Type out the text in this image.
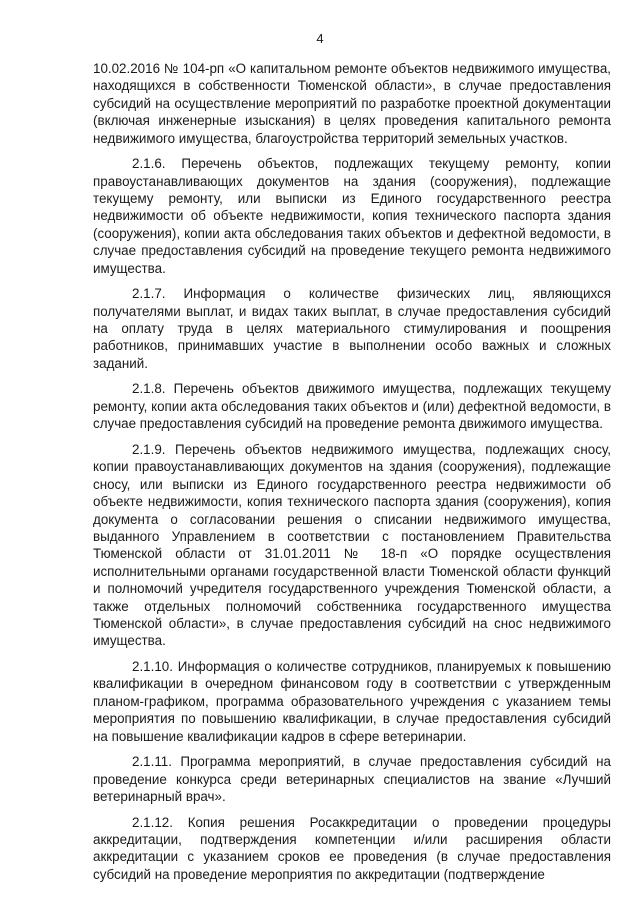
4

10.02.2016 № 104-рп «О капитальном ремонте объектов недвижимого имущества, находящихся в собственности Тюменской области», в случае предоставления субсидий на осуществление мероприятий по разработке проектной документации (включая инженерные изыскания) в целях проведения капитального ремонта недвижимого имущества, благоустройства территорий земельных участков.

2.1.6. Перечень объектов, подлежащих текущему ремонту, копии правоустанавливающих документов на здания (сооружения), подлежащие текущему ремонту, или выписки из Единого государственного реестра недвижимости об объекте недвижимости, копия технического паспорта здания (сооружения), копии акта обследования таких объектов и дефектной ведомости, в случае предоставления субсидий на проведение текущего ремонта недвижимого имущества.

2.1.7. Информация о количестве физических лиц, являющихся получателями выплат, и видах таких выплат, в случае предоставления субсидий на оплату труда в целях материального стимулирования и поощрения работников, принимавших участие в выполнении особо важных и сложных заданий.

2.1.8. Перечень объектов движимого имущества, подлежащих текущему ремонту, копии акта обследования таких объектов и (или) дефектной ведомости, в случае предоставления субсидий на проведение ремонта движимого имущества.

2.1.9. Перечень объектов недвижимого имущества, подлежащих сносу, копии правоустанавливающих документов на здания (сооружения), подлежащие сносу, или выписки из Единого государственного реестра недвижимости об объекте недвижимости, копия технического паспорта здания (сооружения), копия документа о согласовании решения о списании недвижимого имущества, выданного Управлением в соответствии с постановлением Правительства Тюменской области от 31.01.2011 № 18-п «О порядке осуществления исполнительными органами государственной власти Тюменской области функций и полномочий учредителя государственного учреждения Тюменской области, а также отдельных полномочий собственника государственного имущества Тюменской области», в случае предоставления субсидий на снос недвижимого имущества.

2.1.10. Информация о количестве сотрудников, планируемых к повышению квалификации в очередном финансовом году в соответствии с утвержденным планом-графиком, программа образовательного учреждения с указанием темы мероприятия по повышению квалификации, в случае предоставления субсидий на повышение квалификации кадров в сфере ветеринарии.

2.1.11. Программа мероприятий, в случае предоставления субсидий на проведение конкурса среди ветеринарных специалистов на звание «Лучший ветеринарный врач».

2.1.12. Копия решения Росаккредитации о проведении процедуры аккредитации, подтверждения компетенции и/или расширения области аккредитации с указанием сроков ее проведения (в случае предоставления субсидий на проведение мероприятия по аккредитации (подтверждение
